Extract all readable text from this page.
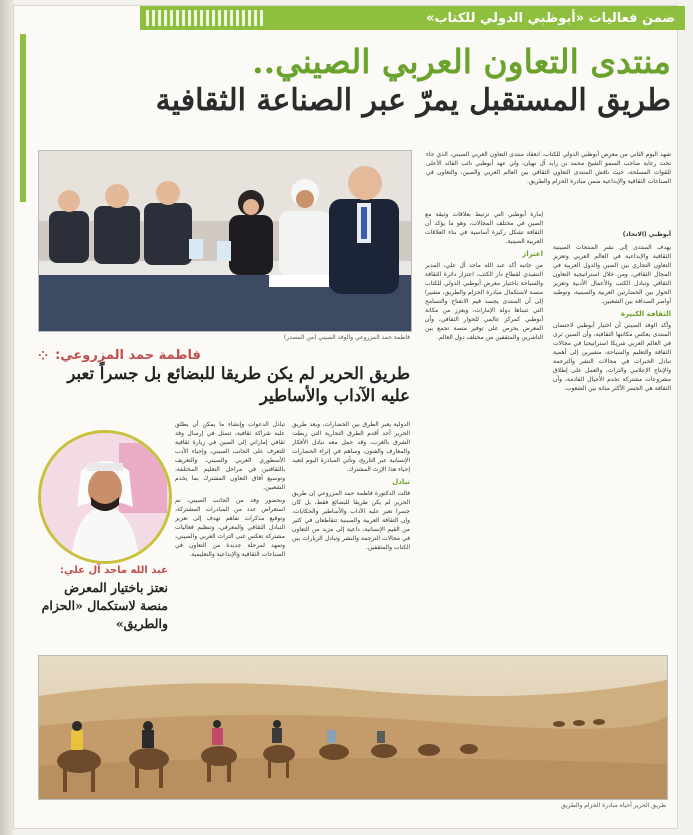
ضمن فعاليات «أبوظبي الدولي للكتاب»
منتدى التعاون العربي الصيني..
طريق المستقبل يمرّ عبر الصناعة الثقافية
فاطمة حمد المزروعي والوفد الصيني (من المصدر)

شهد اليوم الثاني من معرض أبوظبي الدولي للكتاب، انعقاد منتدى التعاون العربي الصيني، الذي جاء تحت رعاية صاحب السمو الشيخ محمد بن زايد آل نهيان، ولي عهد أبوظبي نائب القائد الأعلى للقوات المسلحة، حيث ناقش المنتدى التعاون الثقافي بين العالم العربي والصين، والتعاون في الصناعات الثقافية والإبداعية ضمن مبادرة الحزام والطريق.

أبوظبي (الاتحاد)

يهدف المنتدى إلى نشر المنتجات الصينية الثقافية والإبداعية في العالم العربي وتعزيز التعاون التجاري بين الصين والدول العربية في المجال الثقافي، ومن خلال استراتيجية التعاون الثقافي وتبادل الكتب والأعمال الأدبية وتعزيز الحوار بين الحضارتين العربية والصينية، وتوطيد أواصر الصداقة بين الشعبين.

الثقافة الكبيرة

وأكد الوفد الصيني أن اختيار أبوظبي لاحتضان المنتدى يعكس مكانتها الثقافية، وأن الصين ترى في العالم العربي شريكا استراتيجيا في مجالات الثقافة والتعليم والسياحة، مشيرين إلى أهمية تبادل الخبرات في مجالات النشر والترجمة والإنتاج الإعلامي والتراث، والعمل على إطلاق مشروعات مشتركة تخدم الأجيال القادمة، وأن الثقافة هي الجسر الأكثر متانة بين الشعوب.

إمارة أبوظبي التي ترتبط بعلاقات وثيقة مع الصين في مختلف المجالات، وهو ما يؤكد أن الثقافة تشكل ركيزة أساسية في بناء العلاقات العربية الصينية.

اعتزاز

من جانبه أكد عبد الله ماجد آل علي، المدير التنفيذي لقطاع دار الكتب، اعتزاز دائرة الثقافة والسياحة باختيار معرض أبوظبي الدولي للكتاب منصة لاستكمال مبادرة الحزام والطريق، مشيرا إلى أن المنتدى يجسد قيم الانفتاح والتسامح التي تتبناها دولة الإمارات، ويعزز من مكانة أبوظبي كمركز عالمي للحوار الثقافي، وأن المعرض يحرص على توفير منصة تجمع بين الناشرين والمثقفين من مختلف دول العالم.

فاطمة حمد المزروعي:
⁘
طريق الحرير لم يكن طريقا للبضائع بل جسراً تعبر عليه الآداب والأساطير

تبادل الدعوات وإنشاء ما يمكن أن يطلق عليه شراكة ثقافية، تتمثل في إرسال وفد ثقافي إماراتي إلى الصين في زيارة ثقافية للتعرف على الجانب الصيني، وإحياء الأدب الأسطوري العربي والصيني، والتعريف بالثقافتين في مراحل التعليم المختلفة، وتوسيع آفاق التعاون المشترك بما يخدم الشعبين.

وبحضور وفد من الجانب الصيني، تم استعراض عدد من المبادرات المشتركة، وتوقيع مذكرات تفاهم تهدف إلى تعزيز التبادل الثقافي والمعرفي، وتنظيم فعاليات مشتركة تعكس غنى التراث العربي والصيني، وتمهد لمرحلة جديدة من التعاون في الصناعات الثقافية والإبداعية والتعليمية.

الدولية يعبر الطرق بين الحضارات، ويعد طريق الحرير أحد أقدم الطرق التجارية التي ربطت الشرق بالغرب، وقد حمل معه تبادل الأفكار والمعارف والفنون، وساهم في إثراء الحضارات الإنسانية عبر التاريخ، وتأتي المبادرة اليوم لتعيد إحياء هذا الإرث المشترك.

تبادل

قالت الدكتورة فاطمة حمد المزروعي إن طريق الحرير لم يكن طريقا للبضائع فقط، بل كان جسرا تعبر عليه الآداب والأساطير والحكايات، وإن الثقافة العربية والصينية تتقاطعان في كثير من القيم الإنسانية، داعية إلى مزيد من التعاون في مجالات الترجمة والنشر وتبادل الزيارات بين الكتاب والمثقفين.

عبد الله ماجد آل علي:
نعتز باختيار المعرض منصة لاستكمال «الحزام والطريق»
طريق الحرير أحياه مبادرة الحزام والطريق
